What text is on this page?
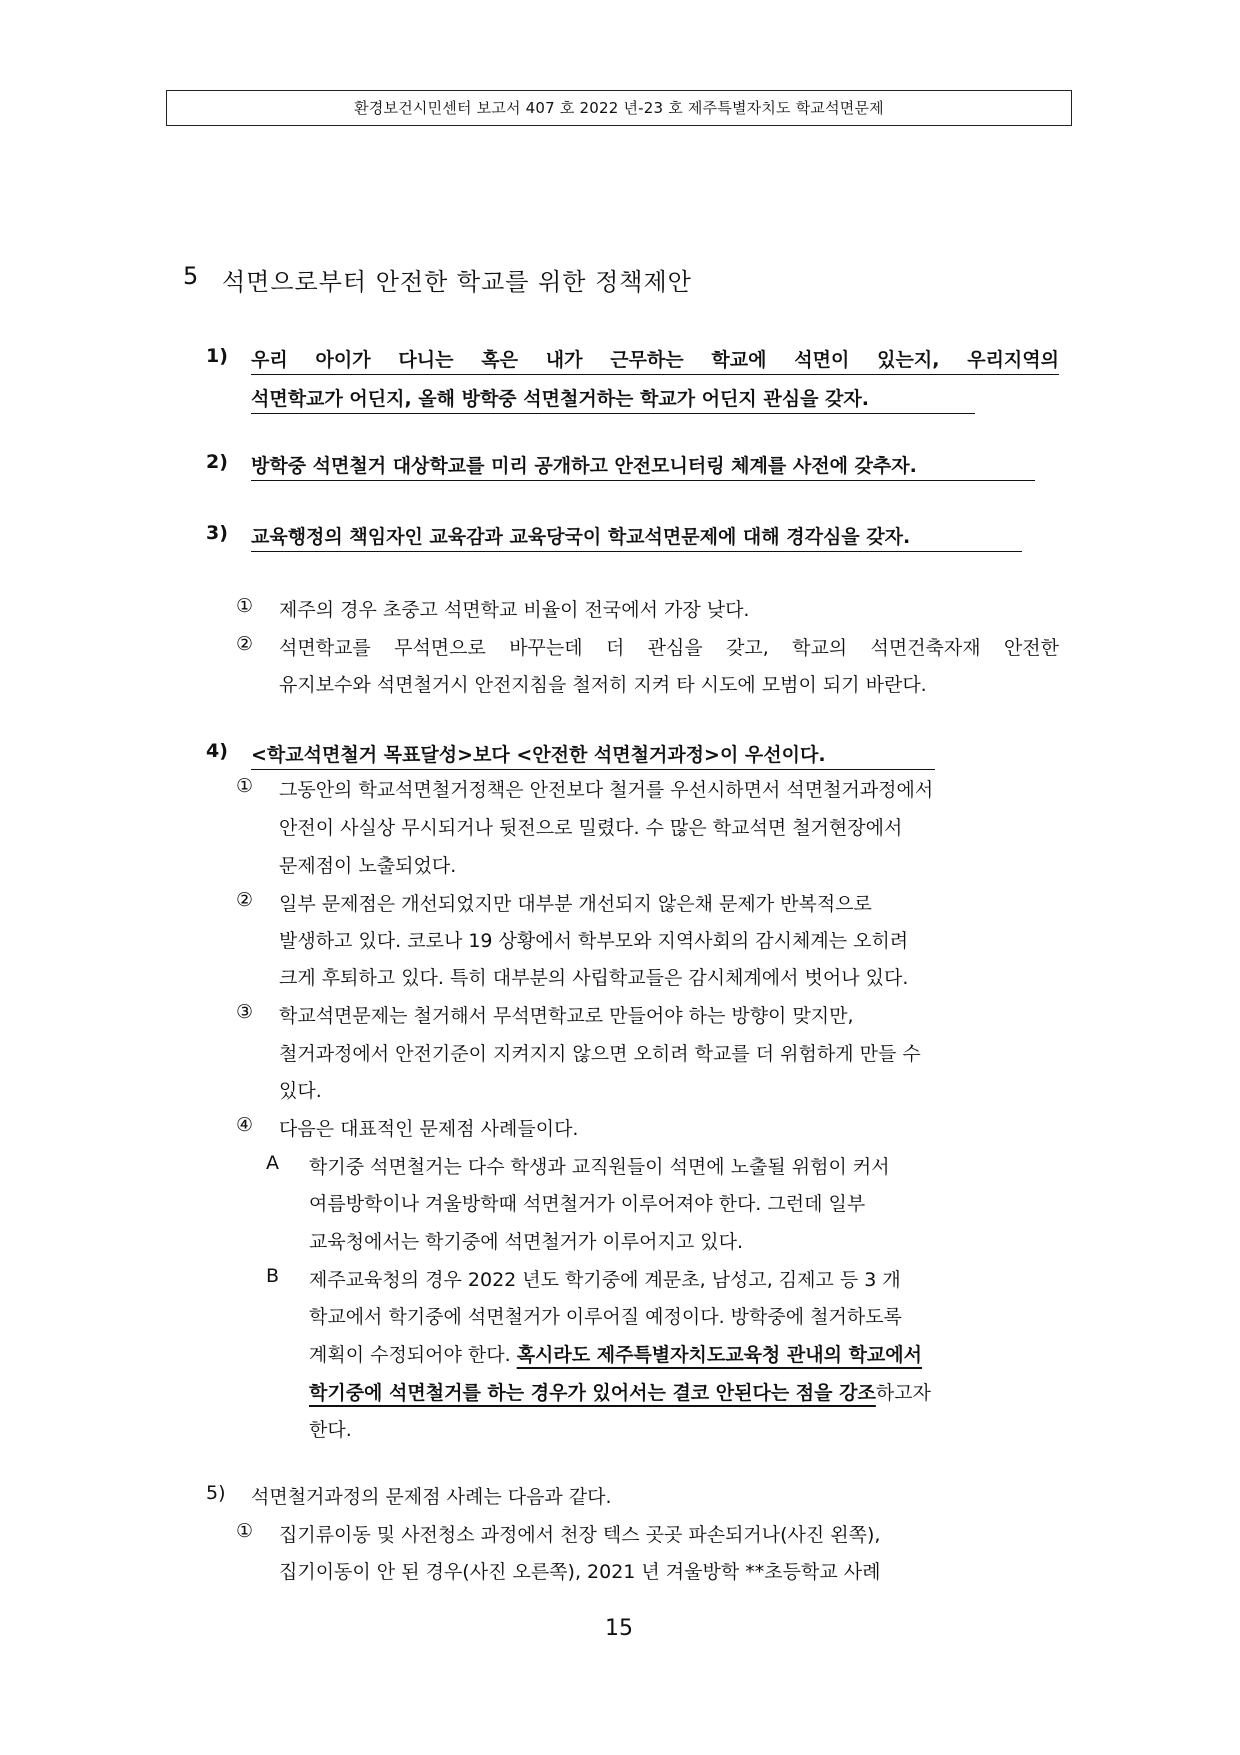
환경보건시민센터 보고서 407 호 2022 년-23 호 제주특별자치도 학교석면문제
5 석면으로부터 안전한 학교를 위한 정책제안
1) 우리 아이가 다니는 혹은 내가 근무하는 학교에 석면이 있는지, 우리지역의
석면학교가 어딘지, 올해 방학중 석면철거하는 학교가 어딘지 관심을 갖자.
2) 방학중 석면철거 대상학교를 미리 공개하고 안전모니터링 체계를 사전에 갖추자.
3) 교육행정의 책임자인 교육감과 교육당국이 학교석면문제에 대해 경각심을 갖자.
① 제주의 경우 초중고 석면학교 비율이 전국에서 가장 낮다.
② 석면학교를 무석면으로 바꾸는데 더 관심을 갖고, 학교의 석면건축자재 안전한
유지보수와 석면철거시 안전지침을 철저히 지켜 타 시도에 모범이 되기 바란다.
4) <학교석면철거 목표달성>보다 <안전한 석면철거과정>이 우선이다.
① 그동안의 학교석면철거정책은 안전보다 철거를 우선시하면서 석면철거과정에서
안전이 사실상 무시되거나 뒷전으로 밀렸다. 수 많은 학교석면 철거현장에서
문제점이 노출되었다.
② 일부 문제점은 개선되었지만 대부분 개선되지 않은채 문제가 반복적으로
발생하고 있다. 코로나 19 상황에서 학부모와 지역사회의 감시체계는 오히려
크게 후퇴하고 있다. 특히 대부분의 사립학교들은 감시체계에서 벗어나 있다.
③ 학교석면문제는 철거해서 무석면학교로 만들어야 하는 방향이 맞지만,
철거과정에서 안전기준이 지켜지지 않으면 오히려 학교를 더 위험하게 만들 수
있다.
④ 다음은 대표적인 문제점 사례들이다.
A 학기중 석면철거는 다수 학생과 교직원들이 석면에 노출될 위험이 커서
여름방학이나 겨울방학때 석면철거가 이루어져야 한다. 그런데 일부
교육청에서는 학기중에 석면철거가 이루어지고 있다.
B 제주교육청의 경우 2022 년도 학기중에 계문초, 남성고, 김제고 등 3 개
학교에서 학기중에 석면철거가 이루어질 예정이다. 방학중에 철거하도록
계획이 수정되어야 한다. 혹시라도 제주특별자치도교육청 관내의 학교에서
학기중에 석면철거를 하는 경우가 있어서는 결코 안된다는 점을 강조하고자
한다.
5) 석면철거과정의 문제점 사례는 다음과 같다.
① 집기류이동 및 사전청소 과정에서 천장 텍스 곳곳 파손되거나(사진 왼쪽),
집기이동이 안 된 경우(사진 오른쪽), 2021 년 겨울방학 **초등학교 사례
15
